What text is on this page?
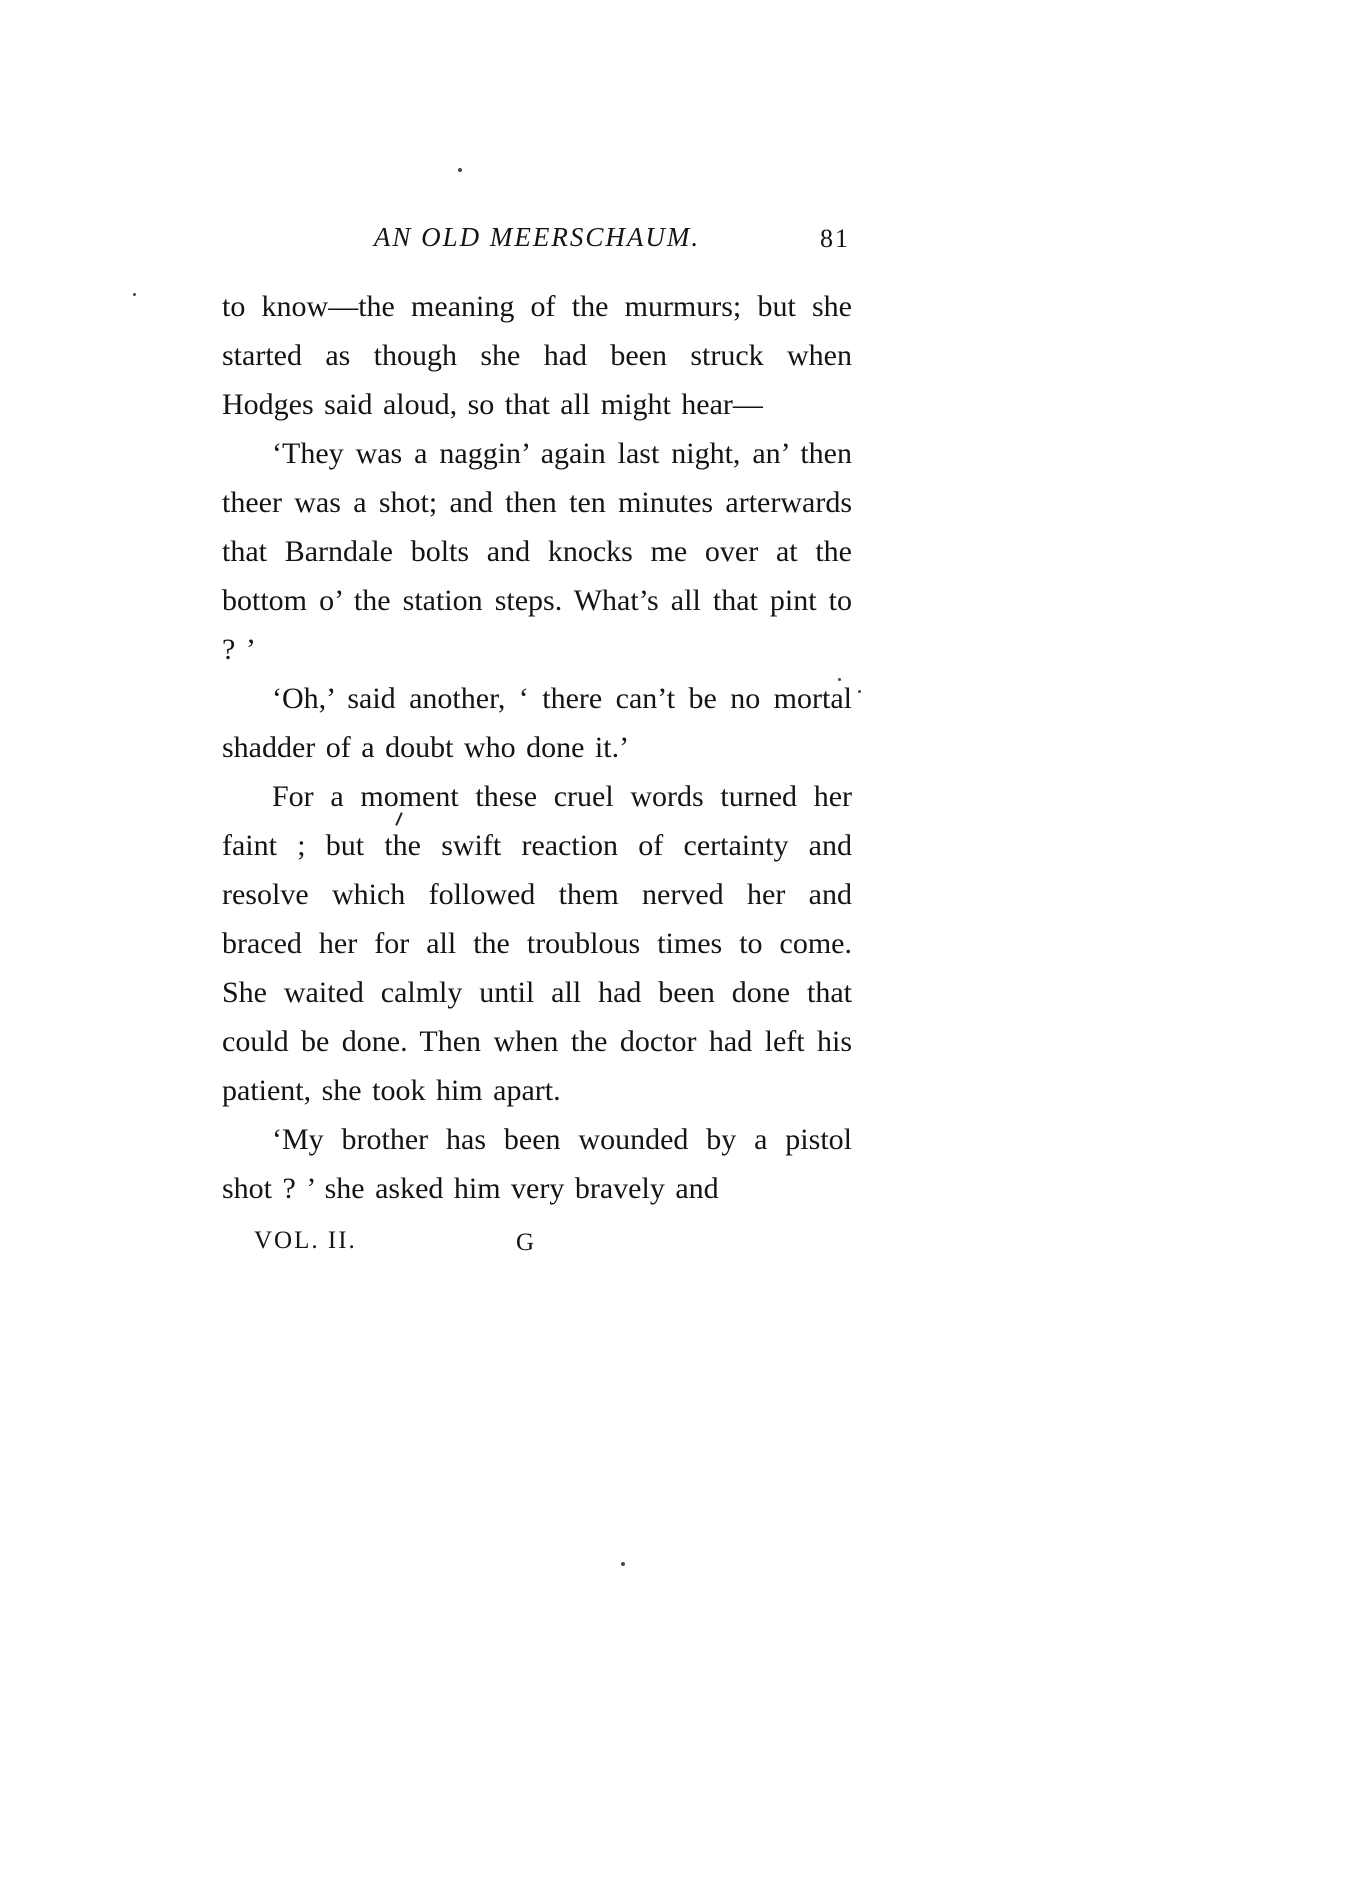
AN OLD MEERSCHAUM.	81

to know—the meaning of the murmurs; but she started as though she had been struck when Hodges said aloud, so that all might hear—

‘They was a naggin’ again last night, an’ then theer was a shot; and then ten minutes arterwards that Barndale bolts and knocks me over at the bottom o’ the station steps. What’s all that pint to ? ’

‘Oh,’ said another, ‘ there can’t be no mortal shadder of a doubt who done it.’

For a moment these cruel words turned her faint ; but the swift reaction of certainty and resolve which followed them nerved her and braced her for all the troublous times to come. She waited calmly until all had been done that could be done. Then when the doctor had left his patient, she took him apart.

‘My brother has been wounded by a pistol shot ? ’ she asked him very bravely and

VOL. II.	G
